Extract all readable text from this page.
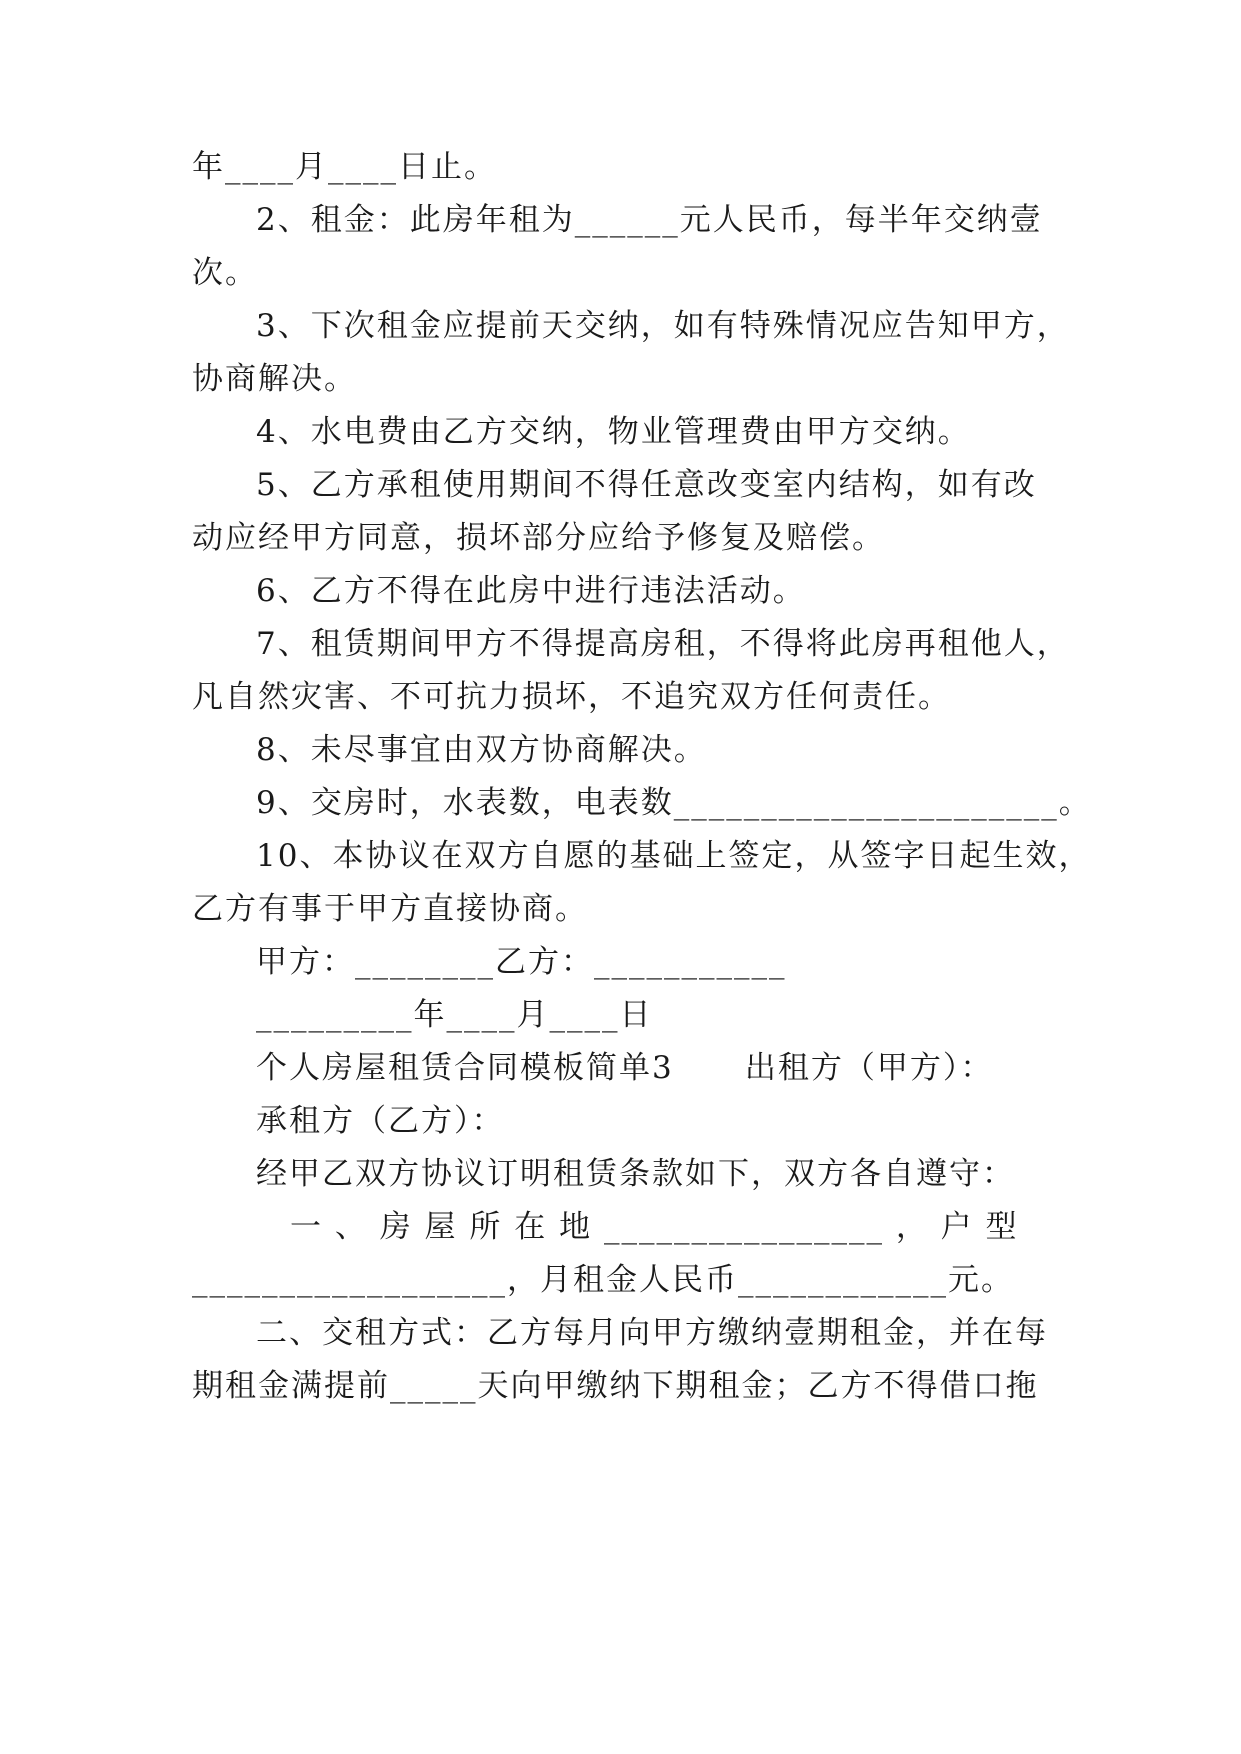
年____月____日止。
2、租金：此房年租为______元人民币，每半年交纳壹
次。
3、下次租金应提前天交纳，如有特殊情况应告知甲方，
协商解决。
4、水电费由乙方交纳，物业管理费由甲方交纳。
5、乙方承租使用期间不得任意改变室内结构，如有改
动应经甲方同意，损坏部分应给予修复及赔偿。
6、乙方不得在此房中进行违法活动。
7、租赁期间甲方不得提高房租，不得将此房再租他人，
凡自然灾害、不可抗力损坏，不追究双方任何责任。
8、未尽事宜由双方协商解决。
9、交房时，水表数，电表数______________________。
10、本协议在双方自愿的基础上签定，从签字日起生效，
乙方有事于甲方直接协商。
甲方：________乙方：___________
_________年____月____日
个人房屋租赁合同模板简单3      出租方（甲方）：
承租方（乙方）：
经甲乙双方协议订明租赁条款如下，双方各自遵守：
一 、 房 屋 所 在 地 ________________ ， 户 型
__________________，月租金人民币____________元。
二、交租方式：乙方每月向甲方缴纳壹期租金，并在每
期租金满提前_____天向甲缴纳下期租金；乙方不得借口拖
